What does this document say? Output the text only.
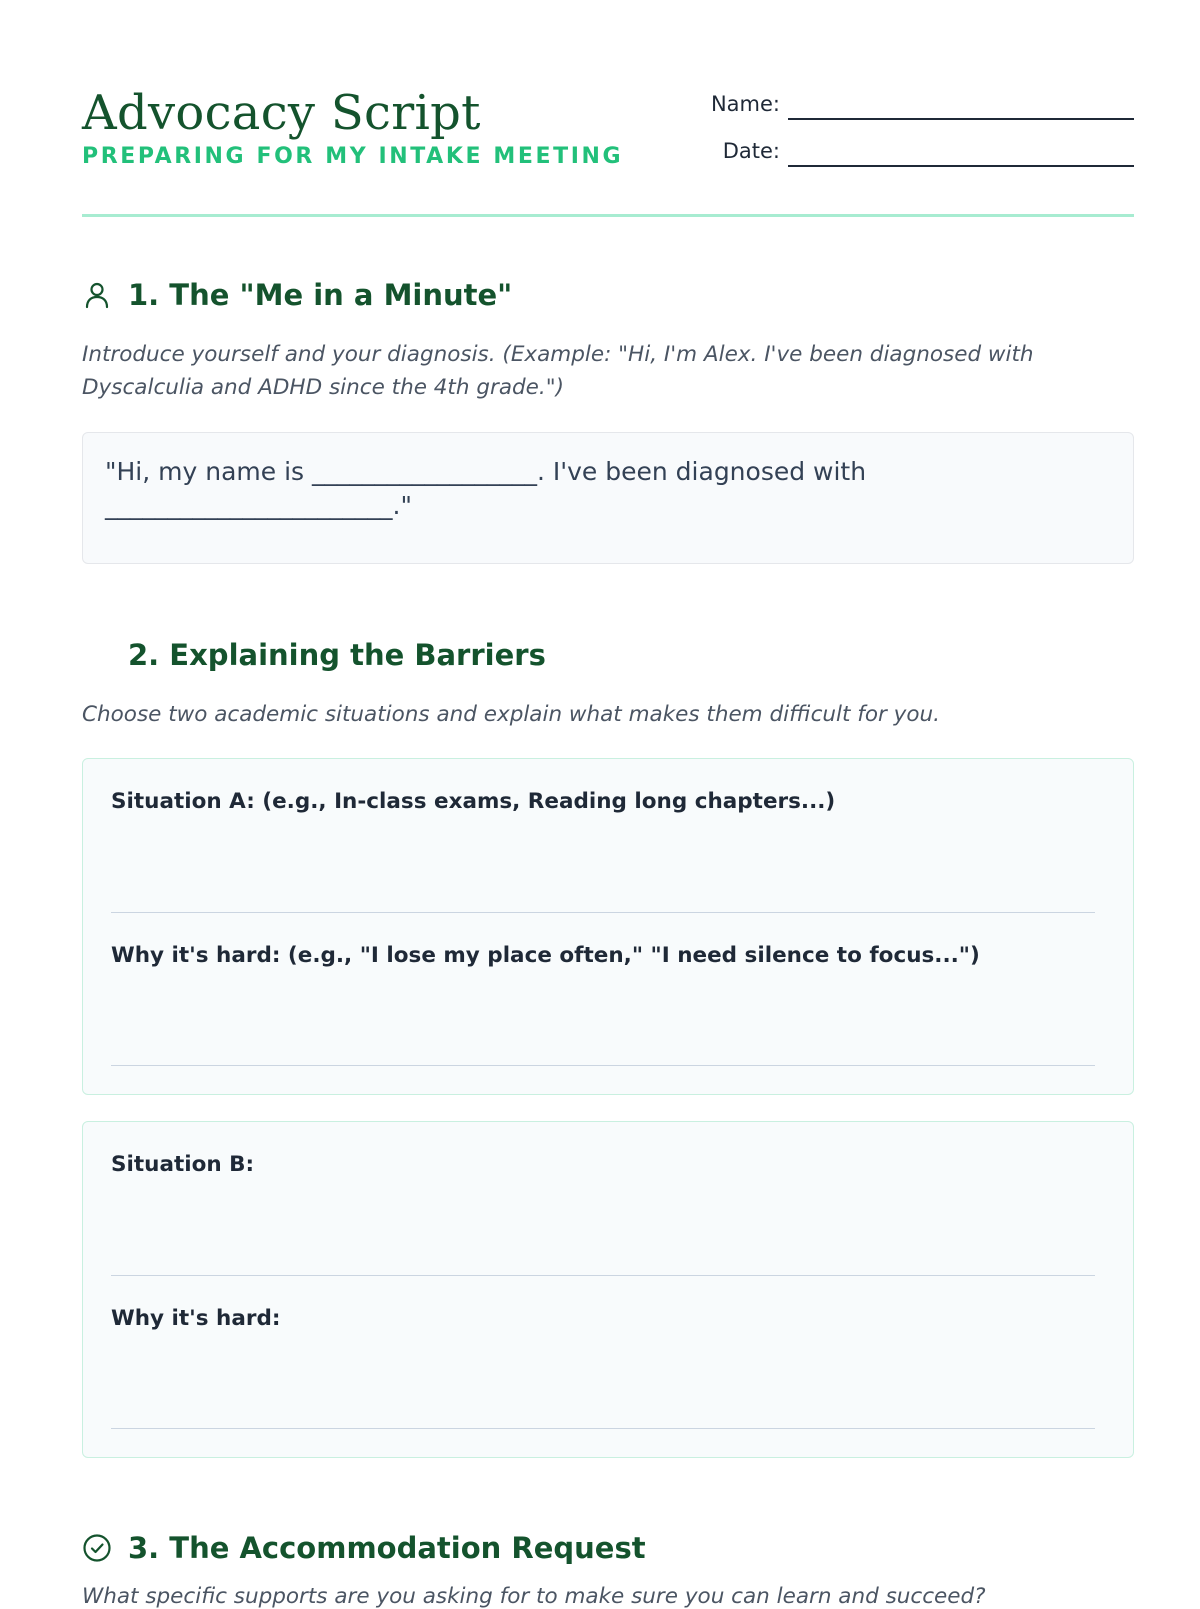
Advocacy Script
PREPARING FOR MY INTAKE MEETING
Name:
Date:
1. The "Me in a Minute"
Introduce yourself and your diagnosis. (Example: "Hi, I'm Alex. I've been diagnosed with Dyscalculia and ADHD since the 4th grade.")
"Hi, my name is __________________. I've been diagnosed with
_______________________."
2. Explaining the Barriers
Choose two academic situations and explain what makes them difficult for you.
Situation A: (e.g., In-class exams, Reading long chapters...)
Why it's hard: (e.g., "I lose my place often," "I need silence to focus...")
Situation B:
Why it's hard:
3. The Accommodation Request
What specific supports are you asking for to make sure you can learn and succeed?
